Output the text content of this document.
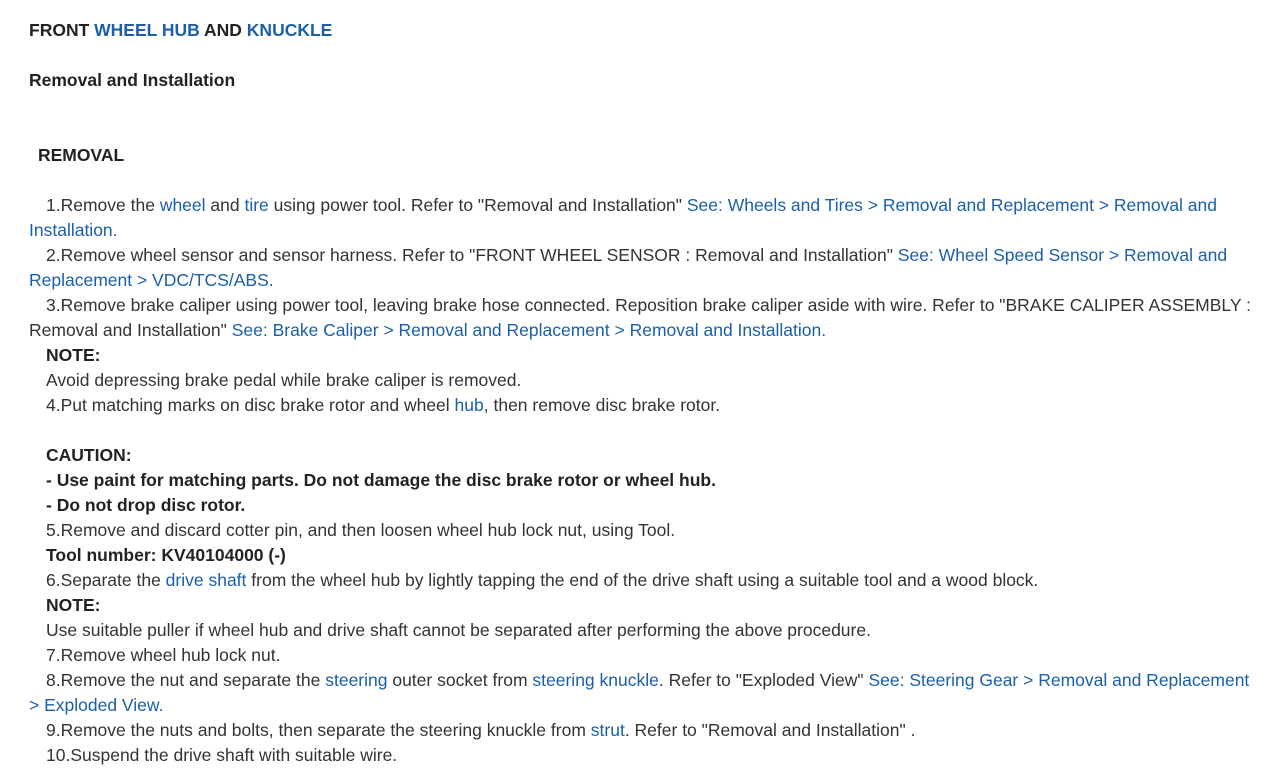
FRONT WHEEL HUB AND KNUCKLE
Removal and Installation
REMOVAL
1.Remove the wheel and tire using power tool. Refer to "Removal and Installation" See: Wheels and Tires > Removal and Replacement > Removal and Installation.
2.Remove wheel sensor and sensor harness. Refer to "FRONT WHEEL SENSOR : Removal and Installation" See: Wheel Speed Sensor > Removal and Replacement > VDC/TCS/ABS.
3.Remove brake caliper using power tool, leaving brake hose connected. Reposition brake caliper aside with wire. Refer to "BRAKE CALIPER ASSEMBLY : Removal and Installation" See: Brake Caliper > Removal and Replacement > Removal and Installation.
NOTE:
Avoid depressing brake pedal while brake caliper is removed.
4.Put matching marks on disc brake rotor and wheel hub, then remove disc brake rotor.
CAUTION:
- Use paint for matching parts. Do not damage the disc brake rotor or wheel hub.
- Do not drop disc rotor.
5.Remove and discard cotter pin, and then loosen wheel hub lock nut, using Tool.
Tool number: KV40104000 (-)
6.Separate the drive shaft from the wheel hub by lightly tapping the end of the drive shaft using a suitable tool and a wood block.
NOTE:
Use suitable puller if wheel hub and drive shaft cannot be separated after performing the above procedure.
7.Remove wheel hub lock nut.
8.Remove the nut and separate the steering outer socket from steering knuckle. Refer to "Exploded View" See: Steering Gear > Removal and Replacement > Exploded View.
9.Remove the nuts and bolts, then separate the steering knuckle from strut. Refer to "Removal and Installation" .
10.Suspend the drive shaft with suitable wire.
